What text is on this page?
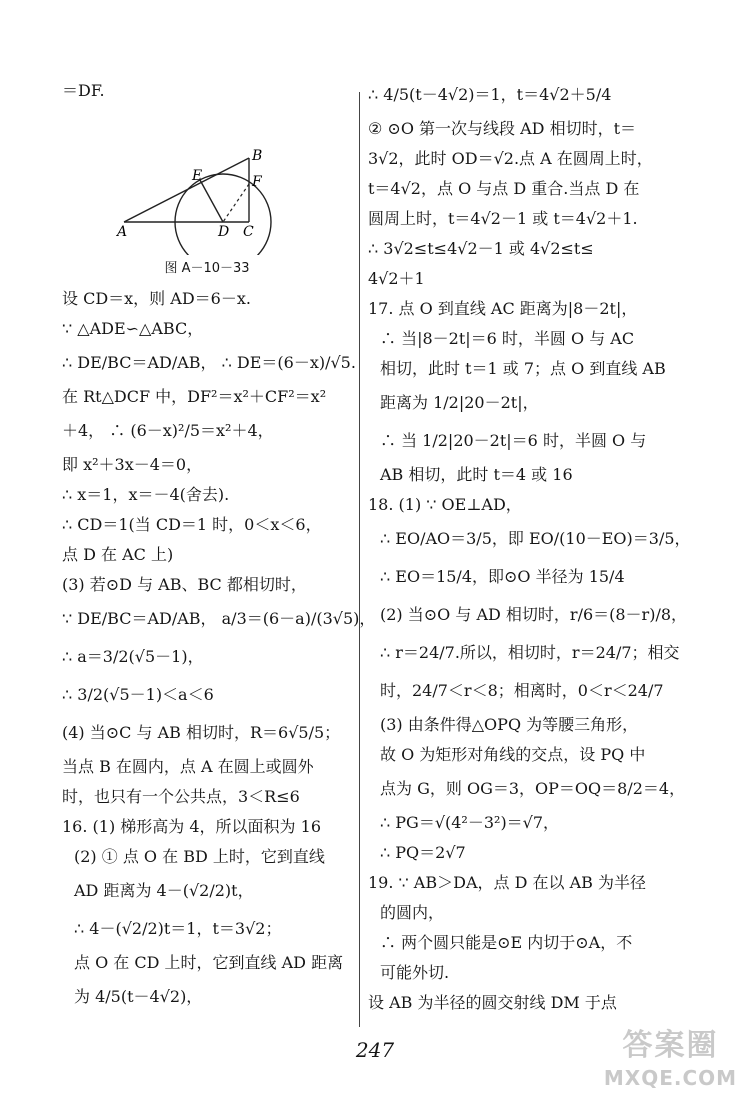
＝DF.
A
B
C
D
E	F
图 A－10－33
设 CD＝x，则 AD＝6－x.
∵ △ADE∽△ABC，
∴ DE/BC＝AD/AB， ∴ DE＝(6－x)/√5.
在 Rt△DCF 中，DF²＝x²＋CF²＝x²
＋4， ∴ (6－x)²/5＝x²＋4，
即 x²＋3x－4＝0，
∴ x＝1，x＝－4(舍去).
∴ CD＝1(当 CD＝1 时，0＜x＜6，
点 D 在 AC 上)
(3) 若⊙D 与 AB、BC 都相切时，
∵ DE/BC＝AD/AB， a/3＝(6－a)/(3√5)，
∴ a＝3/2(√5－1)，
∴ 3/2(√5－1)＜a＜6
(4) 当⊙C 与 AB 相切时，R＝6√5/5；
当点 B 在圆内，点 A 在圆上或圆外
时，也只有一个公共点，3＜R≤6
16. (1) 梯形高为 4，所以面积为 16
(2) ① 点 O 在 BD 上时，它到直线
AD 距离为 4－(√2/2)t，
∴ 4－(√2/2)t＝1，t＝3√2；
点 O 在 CD 上时，它到直线 AD 距离
为 4/5(t－4√2)，
∴ 4/5(t－4√2)＝1，t＝4√2＋5/4
② ⊙O 第一次与线段 AD 相切时，t＝
3√2，此时 OD＝√2.点 A 在圆周上时，
t＝4√2，点 O 与点 D 重合.当点 D 在
圆周上时，t＝4√2－1 或 t＝4√2＋1.
∴ 3√2≤t≤4√2－1 或 4√2≤t≤
4√2＋1
17. 点 O 到直线 AC 距离为|8－2t|，
∴ 当|8－2t|＝6 时，半圆 O 与 AC
相切，此时 t＝1 或 7；点 O 到直线 AB
距离为 1/2|20－2t|，
∴ 当 1/2|20－2t|＝6 时，半圆 O 与
AB 相切，此时 t＝4 或 16
18. (1) ∵ OE⊥AD，
∴ EO/AO＝3/5，即 EO/(10－EO)＝3/5，
∴ EO＝15/4，即⊙O 半径为 15/4
(2) 当⊙O 与 AD 相切时，r/6＝(8－r)/8，
∴ r＝24/7.所以，相切时，r＝24/7；相交
时，24/7＜r＜8；相离时，0＜r＜24/7
(3) 由条件得△OPQ 为等腰三角形，
故 O 为矩形对角线的交点，设 PQ 中
点为 G，则 OG＝3，OP＝OQ＝8/2＝4，
∴ PG＝√(4²－3²)＝√7，
∴ PQ＝2√7
19. ∵ AB＞DA，点 D 在以 AB 为半径
的圆内，
∴ 两个圆只能是⊙E 内切于⊙A，不
可能外切.
设 AB 为半径的圆交射线 DM 于点
247	答案圈
MXQE.COM
